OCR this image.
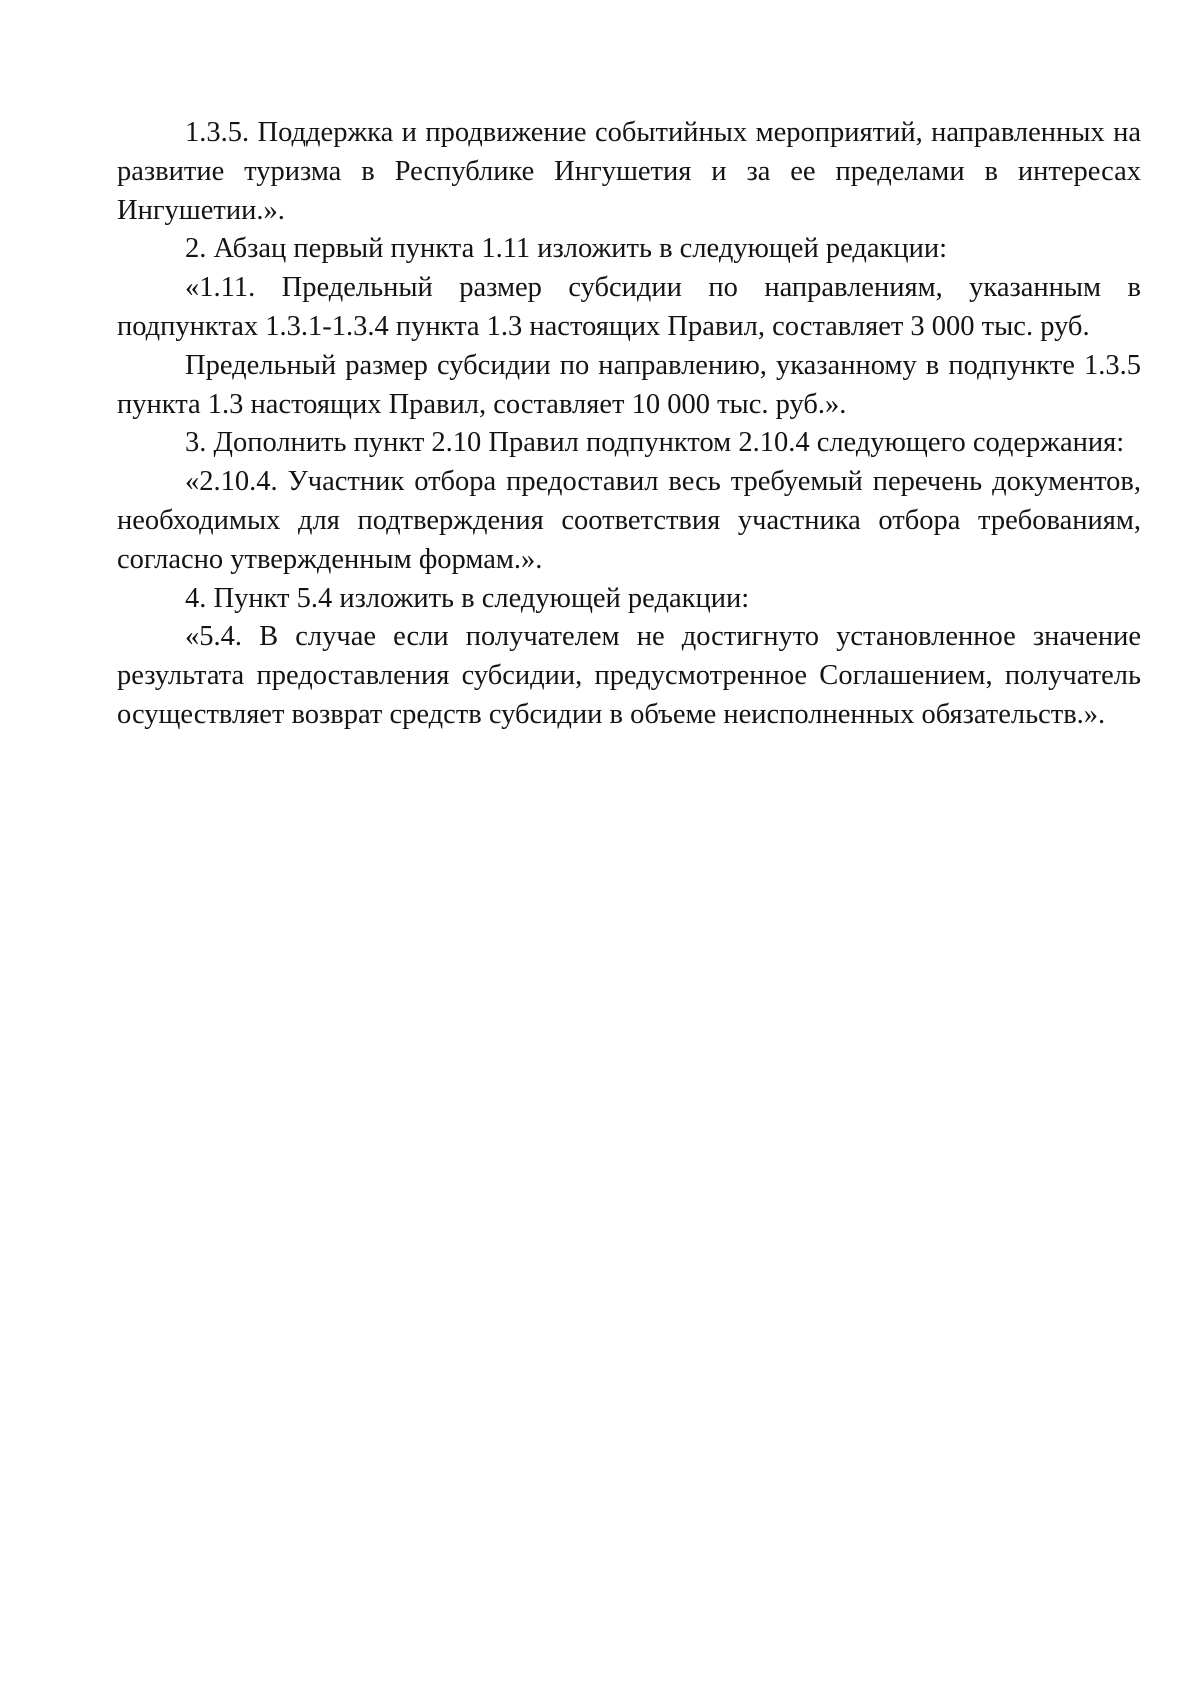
1.3.5. Поддержка и продвижение событийных мероприятий, направленных на развитие туризма в Республике Ингушетия и за ее пределами в интересах Ингушетии.».

2. Абзац первый пункта 1.11 изложить в следующей редакции:

«1.11. Предельный размер субсидии по направлениям, указанным в подпунктах 1.3.1-1.3.4 пункта 1.3 настоящих Правил, составляет 3 000 тыс. руб.

Предельный размер субсидии по направлению, указанному в подпункте 1.3.5 пункта 1.3 настоящих Правил, составляет 10 000 тыс. руб.».

3. Дополнить пункт 2.10 Правил подпунктом 2.10.4 следующего содержания:

«2.10.4. Участник отбора предоставил весь требуемый перечень документов, необходимых для подтверждения соответствия участника отбора требованиям, согласно утвержденным формам.».

4. Пункт 5.4 изложить в следующей редакции:

«5.4. В случае если получателем не достигнуто установленное значение результата предоставления субсидии, предусмотренное Соглашением, получатель осуществляет возврат средств субсидии в объеме неисполненных обязательств.».
